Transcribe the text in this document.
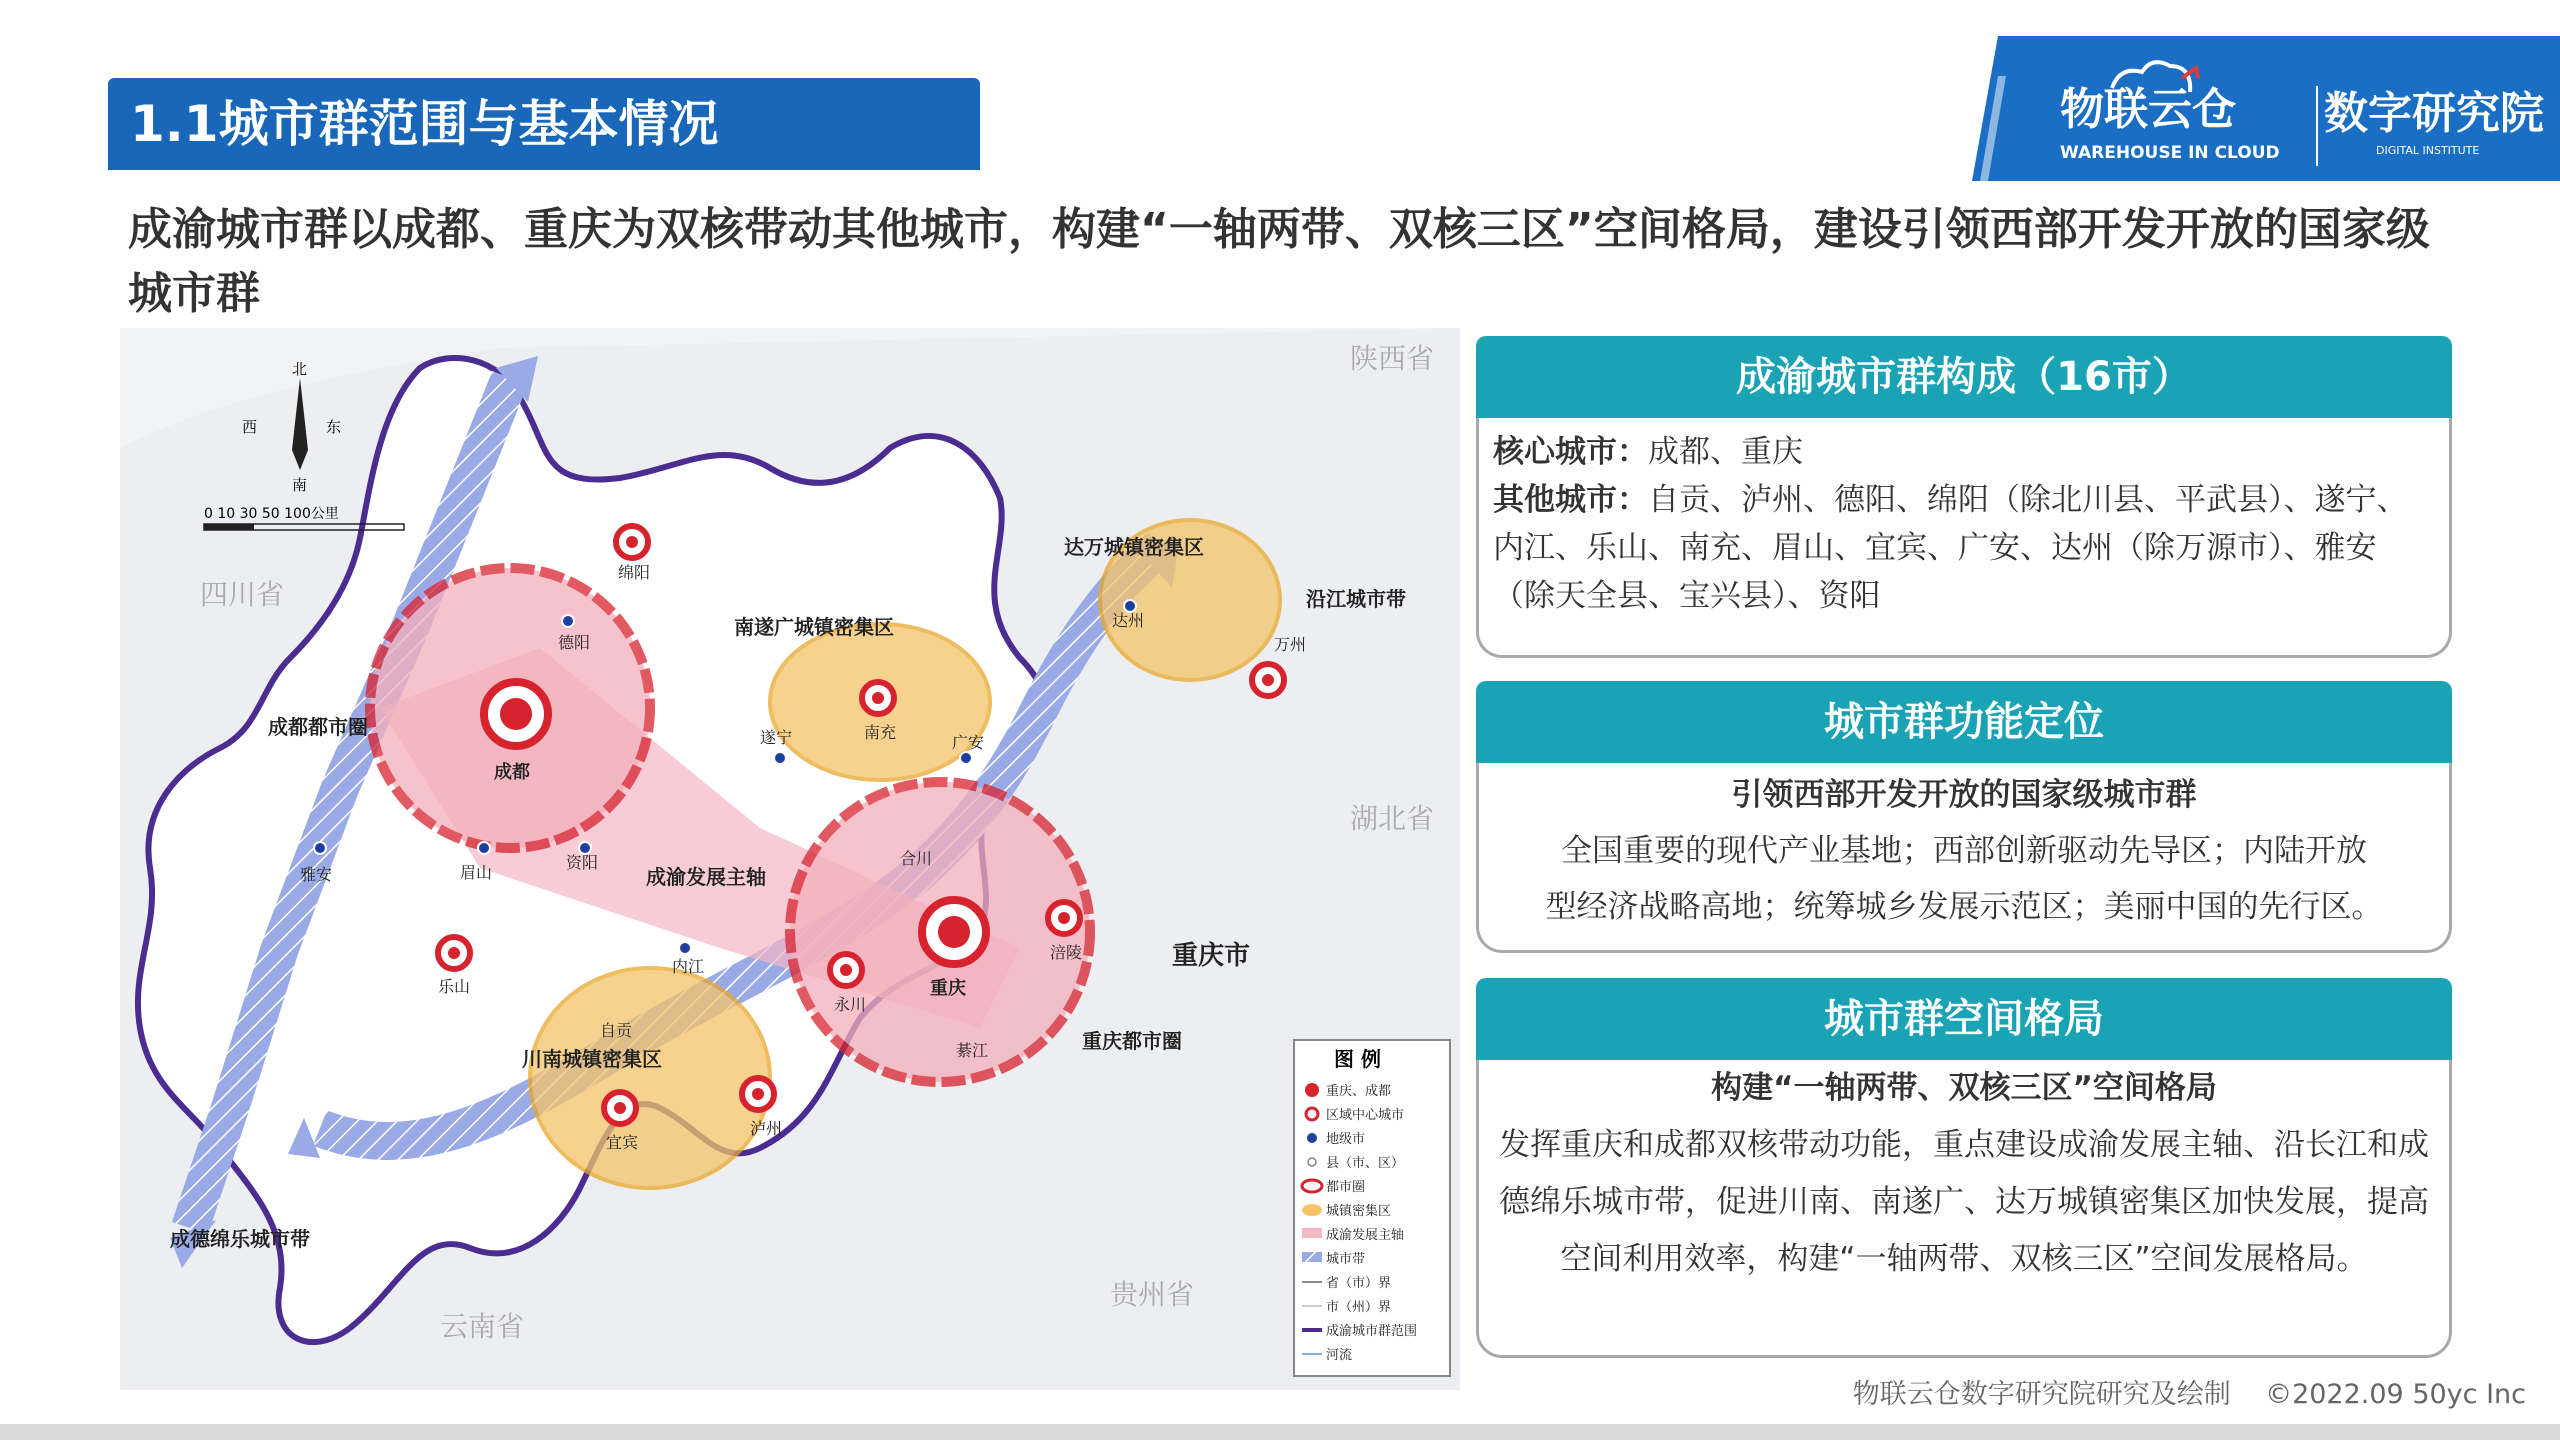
1.1城市群范围与基本情况	物联云仓
WAREHOUSE IN CLOUD
数字研究院
DIGITAL INSTITUTE
成渝城市群以成都、重庆为双核带动其他城市，构建“一轴两带、双核三区”空间格局，建设引领西部开发开放的国家级城市群
陕西省
四川省
湖北省
贵州省
云南省
北
南
东
西
0 10 30 50 100公里
绵阳
德阳
成都
遂宁	南充
广安
达州
万州
资阳
眉山
雅安
乐山
内江
自贡
宜宾
泸州
重庆
合川
永川
涪陵
綦江
成都都市圈
重庆都市圈
南遂广城镇密集区
达万城镇密集区
川南城镇密集区
成渝发展主轴
沿江城市带
成德绵乐城市带
重庆市
图 例
重庆、成都
区域中心城市
地级市
县（市、区）
都市圈
城镇密集区
成渝发展主轴
城市带
省（市）界
市（州）界
成渝城市群范围
河流
成渝城市群构成（16市）
核心城市：成都、重庆
其他城市：自贡、泸州、德阳、绵阳（除北川县、平武县）、遂宁、内江、乐山、南充、眉山、宜宾、广安、达州（除万源市）、雅安（除天全县、宝兴县）、资阳
城市群功能定位
引领西部开发开放的国家级城市群
全国重要的现代产业基地；西部创新驱动先导区；内陆开放
型经济战略高地；统筹城乡发展示范区；美丽中国的先行区。
城市群空间格局
构建“一轴两带、双核三区”空间格局
发挥重庆和成都双核带动功能，重点建设成渝发展主轴、沿长江和成德绵乐城市带，促进川南、南遂广、达万城镇密集区加快发展，提高空间利用效率，构建“一轴两带、双核三区”空间发展格局。
物联云仓数字研究院研究及绘制 ©2022.09 50yc Inc
